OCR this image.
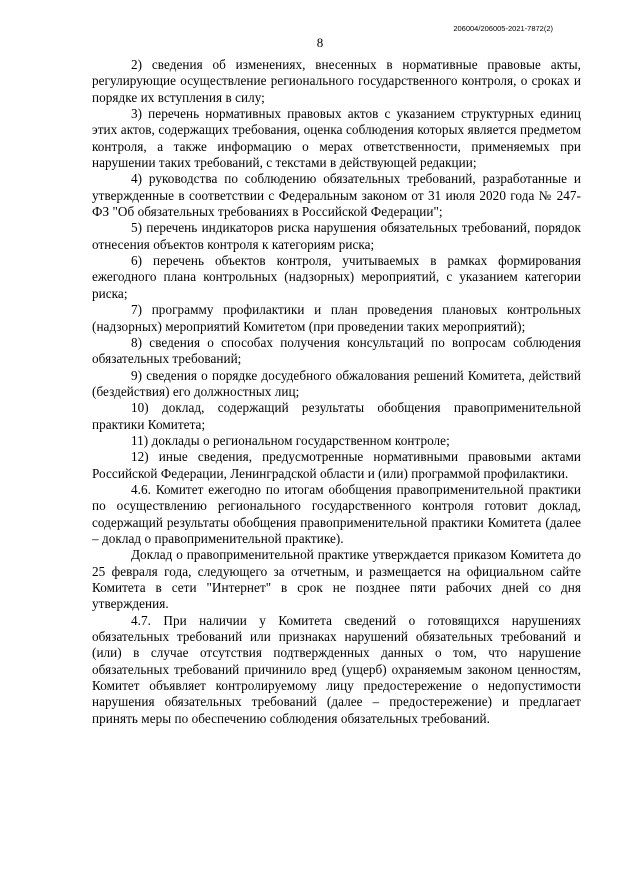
206004/206005-2021-7872(2)
8

2) сведения об изменениях, внесенных в нормативные правовые акты, регулирующие осуществление регионального государственного контроля, о сроках и порядке их вступления в силу;

3) перечень нормативных правовых актов с указанием структурных единиц этих актов, содержащих требования, оценка соблюдения которых является предметом контроля, а также информацию о мерах ответственности, применяемых при нарушении таких требований, с текстами в действующей редакции;

4) руководства по соблюдению обязательных требований, разработанные и утвержденные в соответствии с Федеральным законом от 31 июля 2020 года № 247-ФЗ "Об обязательных требованиях в Российской Федерации";

5) перечень индикаторов риска нарушения обязательных требований, порядок отнесения объектов контроля к категориям риска;

6) перечень объектов контроля, учитываемых в рамках формирования ежегодного плана контрольных (надзорных) мероприятий, с указанием категории риска;

7) программу профилактики и план проведения плановых контрольных (надзорных) мероприятий Комитетом (при проведении таких мероприятий);

8) сведения о способах получения консультаций по вопросам соблюдения обязательных требований;

9) сведения о порядке досудебного обжалования решений Комитета, действий (бездействия) его должностных лиц;

10) доклад, содержащий результаты обобщения правоприменительной практики Комитета;

11) доклады о региональном государственном контроле;

12) иные сведения, предусмотренные нормативными правовыми актами Российской Федерации, Ленинградской области и (или) программой профилактики.

4.6. Комитет ежегодно по итогам обобщения правоприменительной практики по осуществлению регионального государственного контроля готовит доклад, содержащий результаты обобщения правоприменительной практики Комитета (далее – доклад о правоприменительной практике).

Доклад о правоприменительной практике утверждается приказом Комитета до 25 февраля года, следующего за отчетным, и размещается на официальном сайте Комитета в сети "Интернет" в срок не позднее пяти рабочих дней со дня утверждения.

4.7. При наличии у Комитета сведений о готовящихся нарушениях обязательных требований или признаках нарушений обязательных требований и (или) в случае отсутствия подтвержденных данных о том, что нарушение обязательных требований причинило вред (ущерб) охраняемым законом ценностям, Комитет объявляет контролируемому лицу предостережение о недопустимости нарушения обязательных требований (далее – предостережение) и предлагает принять меры по обеспечению соблюдения обязательных требований.
